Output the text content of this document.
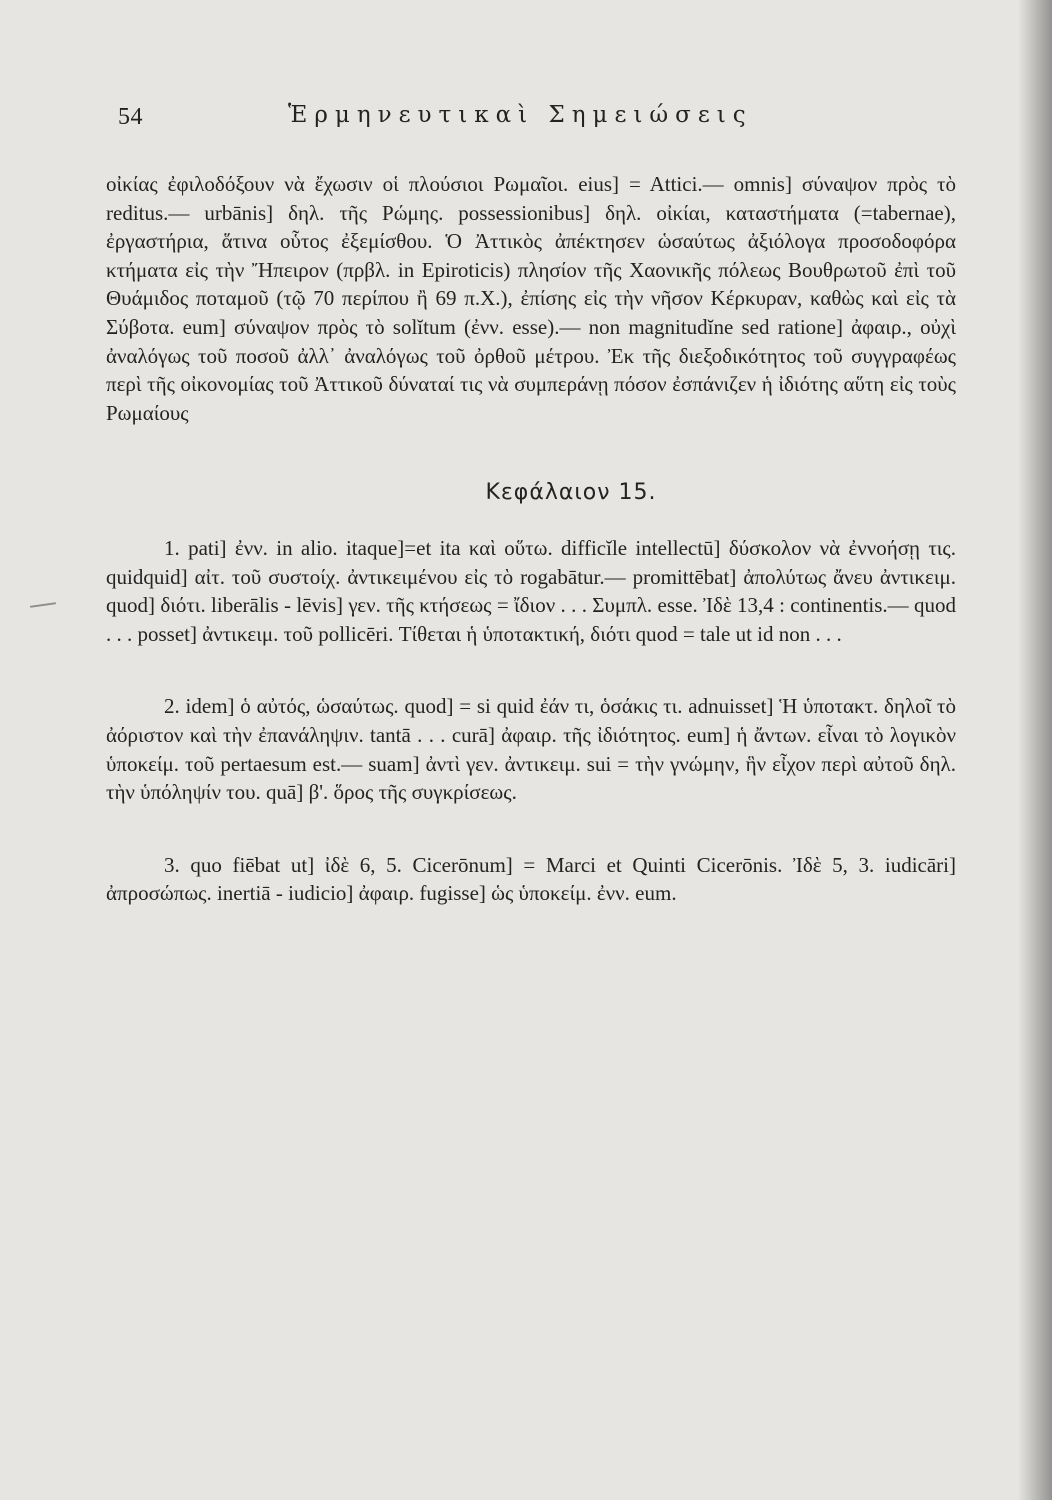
54	Ἑρμηνευτικαὶ Σημειώσεις

οἰκίας ἐφιλοδόξουν νὰ ἔχωσιν οἱ πλούσιοι Ρωμαῖοι. eius] = Attici.— omnis] σύναψον πρὸς τὸ reditus.— urbānis] δηλ. τῆς Ρώμης. possessionibus] δηλ. οἰκίαι, καταστήματα (=tabernae), ἐργαστήρια, ἅτινα οὗτος ἐξεμίσθου. Ὁ Ἀττικὸς ἀπέκτησεν ὡσαύτως ἀξιόλογα προσοδοφόρα κτήματα εἰς τὴν Ἤπειρον (πρβλ. in Epiroticis) πλησίον τῆς Χαονικῆς πόλεως Βουθρωτοῦ ἐπὶ τοῦ Θυάμιδος ποταμοῦ (τῷ 70 περίπου ἢ 69 π.Χ.), ἐπίσης εἰς τὴν νῆσον Κέρκυραν, καθὼς καὶ εἰς τὰ Σύβοτα. eum] σύναψον πρὸς τὸ solĭtum (ἐνν. esse).— non magnitudĭne sed ratione] ἀφαιρ., οὐχὶ ἀναλόγως τοῦ ποσοῦ ἀλλ᾽ ἀναλόγως τοῦ ὀρθοῦ μέτρου. Ἐκ τῆς διεξοδικότητος τοῦ συγγραφέως περὶ τῆς οἰκονομίας τοῦ Ἀττικοῦ δύναταί τις νὰ συμπεράνῃ πόσον ἐσπάνιζεν ἡ ἰδιότης αὕτη εἰς τοὺς Ρωμαίους

Κεφάλαιον 15.

1. pati] ἐνν. in alio. itaque]=et ita καὶ οὕτω. difficĭle intellectū] δύσκολον νὰ ἐννοήσῃ τις. quidquid] αἰτ. τοῦ συστοίχ. ἀντικειμένου εἰς τὸ rogabātur.— promittēbat] ἀπολύτως ἄνευ ἀντικειμ. quod] διότι. liberālis - lēvis] γεν. τῆς κτήσεως = ἴδιον . . . Συμπλ. esse. Ἰδὲ 13,4 : continentis.— quod . . . posset] ἀντικειμ. τοῦ pollicēri. Τίθεται ἡ ὑποτακτική, διότι quod = tale ut id non . . .

2. idem] ὁ αὐτός, ὡσαύτως. quod] = si quid ἐάν τι, ὁσάκις τι. adnuisset] Ἡ ὑποτακτ. δηλοῖ τὸ ἀόριστον καὶ τὴν ἐπανάληψιν. tantā . . . curā] ἀφαιρ. τῆς ἰδιότητος. eum] ἡ ἄντων. εἶναι τὸ λογικὸν ὑποκείμ. τοῦ pertaesum est.— suam] ἀντὶ γεν. ἀντικειμ. sui = τὴν γνώμην, ἣν εἶχον περὶ αὐτοῦ δηλ. τὴν ὑπόληψίν του. quā] β'. ὅρος τῆς συγκρίσεως.

3. quo fiēbat ut] ἰδὲ 6, 5. Cicerōnum] = Marci et Quinti Cicerōnis. Ἰδὲ 5, 3. iudicāri] ἀπροσώπως. inertiā - iudicio] ἀφαιρ. fugisse] ὡς ὑποκείμ. ἐνν. eum.
